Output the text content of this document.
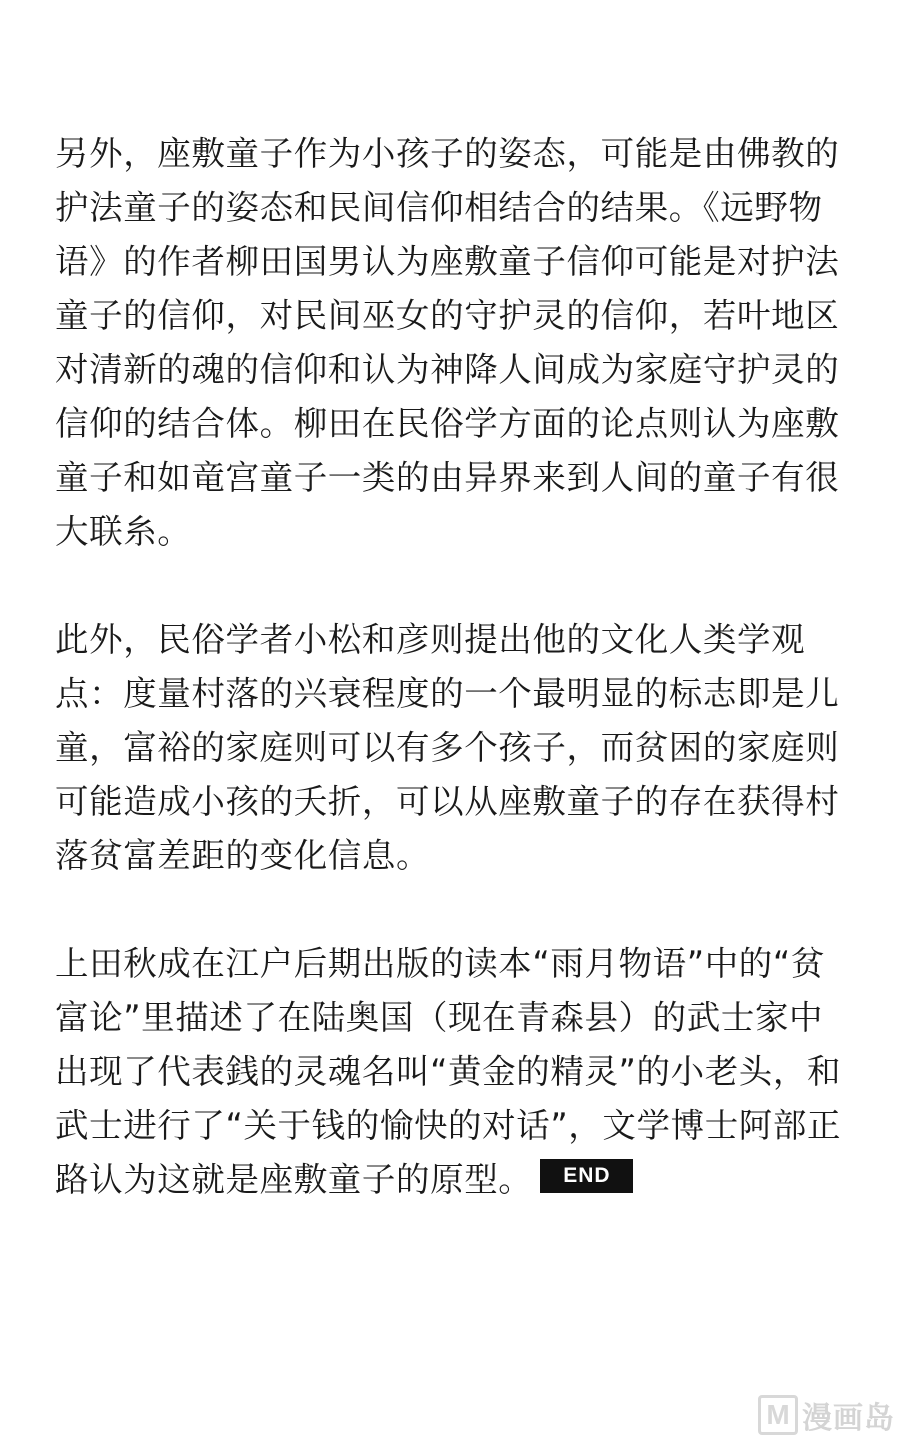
另外，座敷童子作为小孩子的姿态，可能是由佛教的护法童子的姿态和民间信仰相结合的结果。《远野物语》的作者柳田国男认为座敷童子信仰可能是对护法童子的信仰，对民间巫女的守护灵的信仰，若叶地区对清新的魂的信仰和认为神降人间成为家庭守护灵的信仰的结合体。柳田在民俗学方面的论点则认为座敷童子和如竜宫童子一类的由异界来到人间的童子有很大联糸。

此外，民俗学者小松和彦则提出他的文化人类学观点：度量村落的兴衰程度的一个最明显的标志即是儿童，富裕的家庭则可以有多个孩子，而贫困的家庭则可能造成小孩的夭折，可以从座敷童子的存在获得村落贫富差距的变化信息。

上田秋成在江户后期出版的读本“雨月物语”中的“贫富论”里描述了在陆奥国（现在青森县）的武士家中出现了代表銭的灵魂名叫“黄金的精灵”的小老头，和武士进行了“关于钱的愉快的对话”，文学博士阿部正路认为这就是座敷童子的原型。 END

M 漫画岛
